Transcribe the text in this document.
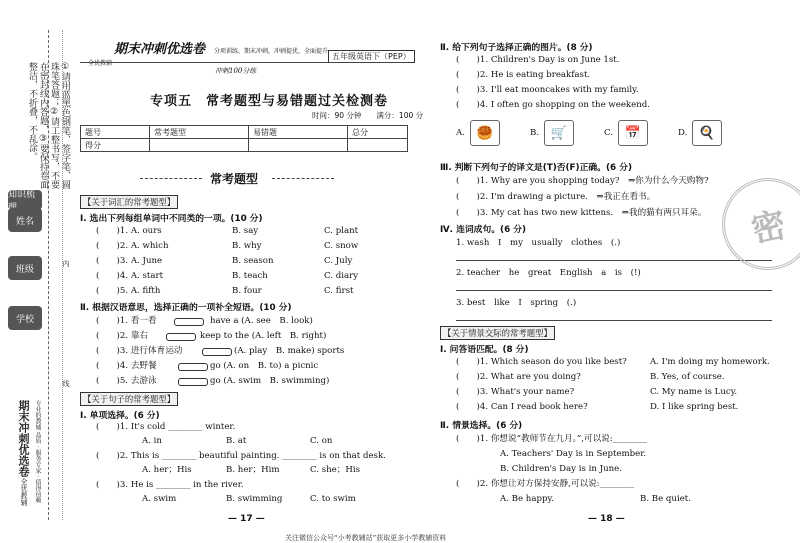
①请用蓝黑色钢笔、签字笔、圆珠笔答题；②请工整书写，不要在密封线内答题，③要保持卷面整洁，不折叠，不乱涂。
知识梳
姓名
班级
学校
内
线
期末冲刺优选卷 专业的教辅 品质 · 服务专家 · 值得信赖
全优教辅
期末冲刺优选卷
全优教辅
分项训练，期末冲刺，冲刺提优，全面提升
五年级英语下（PEP）
冲刺100分练
专项五　常考题型与易错题过关检测卷
时间：90 分钟　　满分：100 分
题号	常考题型	易错题	总分
得分			
常考题型
【关于词汇的常考题型】
Ⅰ. 选出下列每组单词中不同类的一项。(10 分)
(　　)1. A. ours	B. say	C. plant
(　　)2. A. which	B. why	C. snow
(　　)3. A. June	B. season	C. July
(　　)4. A. start	B. teach	C. diary
(　　)5. A. fifth	B. four	C. first
Ⅱ. 根据汉语意思，选择正确的一项补全短语。(10 分)
(　　)1. 看一看	have a (A. see　B. look)
(　　)2. 靠右	keep to the (A. left　B. right)
(　　)3. 进行体育运动	(A. play　B. make) sports
(　　)4. 去野餐	go (A. on　B. to) a picnic
(　　)5. 去游泳	go (A. swim　B. swimming)
【关于句子的常考题型】
Ⅰ. 单项选择。(6 分)
(　　)1. It's cold ________ winter.
A. in	B. at	C. on
(　　)2. This is ________ beautiful painting. ________ is on that desk.
A. her；His	B. her；Him	C. she；His
(　　)3. He is ________ in the river.
A. swim	B. swimming	C. to swim
— 17 —
Ⅱ. 给下列句子选择正确的图片。(8 分)
(　　)1. Children's Day is on June 1st.
(　　)2. He is eating breakfast.
(　　)3. I'll eat mooncakes with my family.
(　　)4. I often go shopping on the weekend.
A. 🥮	B. 🛒	C. 📅	D. 🍳
Ⅲ. 判断下列句子的译文是(T)否(F)正确。(6 分)
(　　)1. Why are you shopping today?　⇒你为什么今天购物?
(　　)2. I'm drawing a picture.　⇒我正在看书。
(　　)3. My cat has two new kittens.　⇒我的猫有两只耳朵。
Ⅳ. 连词成句。(6 分)
1. wash　I　my　usually　clothes　(.)
2. teacher　he　great　English　a　is　(!)
3. best　like　I　spring　(.)
【关于情景交际的常考题型】
Ⅰ. 问答语匹配。(8 分)
(　　)1. Which season do you like best?	A. I'm doing my homework.
(　　)2. What are you doing?	B. Yes, of course.
(　　)3. What's your name?	C. My name is Lucy.
(　　)4. Can I read book here?	D. I like spring best.
Ⅱ. 情景选择。(6 分)
(　　)1. 你想说“教师节在九月。”,可以说:________
A. Teachers' Day is in September.
B. Children's Day is in June.
(　　)2. 你想让对方保持安静,可以说:________
A. Be happy.	B. Be quiet.
— 18 —
密
关注微信公众号“小考教辅站”获取更多小学教辅资料
